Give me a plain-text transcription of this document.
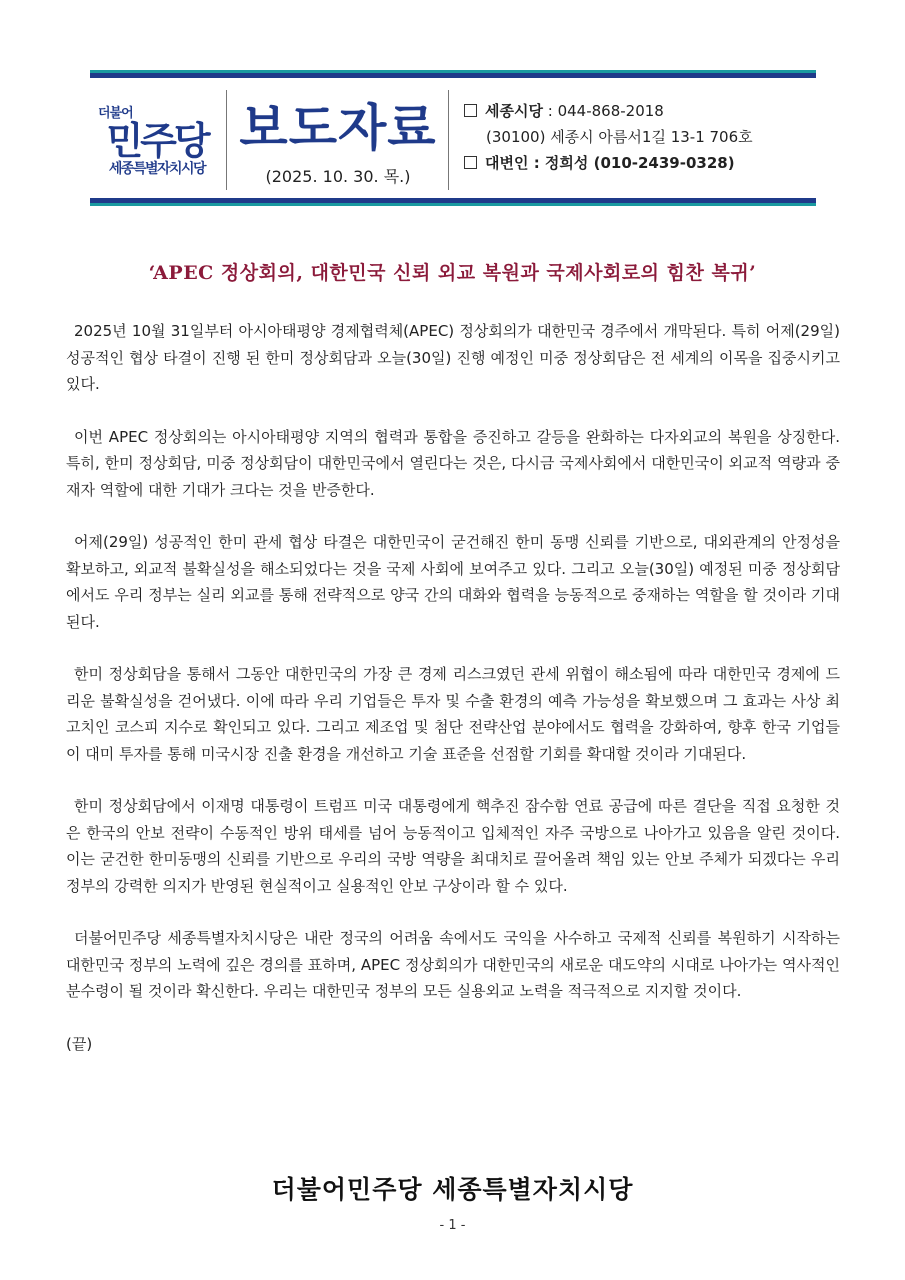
더불어
민주당
세종특별자치시당
보도자료
(2025. 10. 30. 목.)
세종시당 : 044-868-2018
(30100) 세종시 아름서1길 13-1 706호
대변인 : 정희성 (010-2439-0328)
‘APEC 정상회의, 대한민국 신뢰 외교 복원과 국제사회로의 힘찬 복귀’

2025년 10월 31일부터 아시아태평양 경제협력체(APEC) 정상회의가 대한민국 경주에서 개막된다. 특히 어제(29일) 성공적인 협상 타결이 진행 된 한미 정상회담과 오늘(30일) 진행 예정인 미중 정상회담은 전 세계의 이목을 집중시키고 있다.

이번 APEC 정상회의는 아시아태평양 지역의 협력과 통합을 증진하고 갈등을 완화하는 다자외교의 복원을 상징한다. 특히, 한미 정상회담, 미중 정상회담이 대한민국에서 열린다는 것은, 다시금 국제사회에서 대한민국이 외교적 역량과 중재자 역할에 대한 기대가 크다는 것을 반증한다.

어제(29일) 성공적인 한미 관세 협상 타결은 대한민국이 굳건해진 한미 동맹 신뢰를 기반으로, 대외관계의 안정성을 확보하고, 외교적 불확실성을 해소되었다는 것을 국제 사회에 보여주고 있다. 그리고 오늘(30일) 예정된 미중 정상회담에서도 우리 정부는 실리 외교를 통해 전략적으로 양국 간의 대화와 협력을 능동적으로 중재하는 역할을 할 것이라 기대된다.

한미 정상회담을 통해서 그동안 대한민국의 가장 큰 경제 리스크였던 관세 위협이 해소됨에 따라 대한민국 경제에 드리운 불확실성을 걷어냈다. 이에 따라 우리 기업들은 투자 및 수출 환경의 예측 가능성을 확보했으며 그 효과는 사상 최고치인 코스피 지수로 확인되고 있다. 그리고 제조업 및 첨단 전략산업 분야에서도 협력을 강화하여, 향후 한국 기업들이 대미 투자를 통해 미국시장 진출 환경을 개선하고 기술 표준을 선점할 기회를 확대할 것이라 기대된다.

한미 정상회담에서 이재명 대통령이 트럼프 미국 대통령에게 핵추진 잠수함 연료 공급에 따른 결단을 직접 요청한 것은 한국의 안보 전략이 수동적인 방위 태세를 넘어 능동적이고 입체적인 자주 국방으로 나아가고 있음을 알린 것이다. 이는 굳건한 한미동맹의 신뢰를 기반으로 우리의 국방 역량을 최대치로 끌어올려 책임 있는 안보 주체가 되겠다는 우리 정부의 강력한 의지가 반영된 현실적이고 실용적인 안보 구상이라 할 수 있다.

더불어민주당 세종특별자치시당은 내란 정국의 어려움 속에서도 국익을 사수하고 국제적 신뢰를 복원하기 시작하는 대한민국 정부의 노력에 깊은 경의를 표하며, APEC 정상회의가 대한민국의 새로운 대도약의 시대로 나아가는 역사적인 분수령이 될 것이라 확신한다. 우리는 대한민국 정부의 모든 실용외교 노력을 적극적으로 지지할 것이다.

(끝)
더불어민주당 세종특별자치시당
- 1 -
